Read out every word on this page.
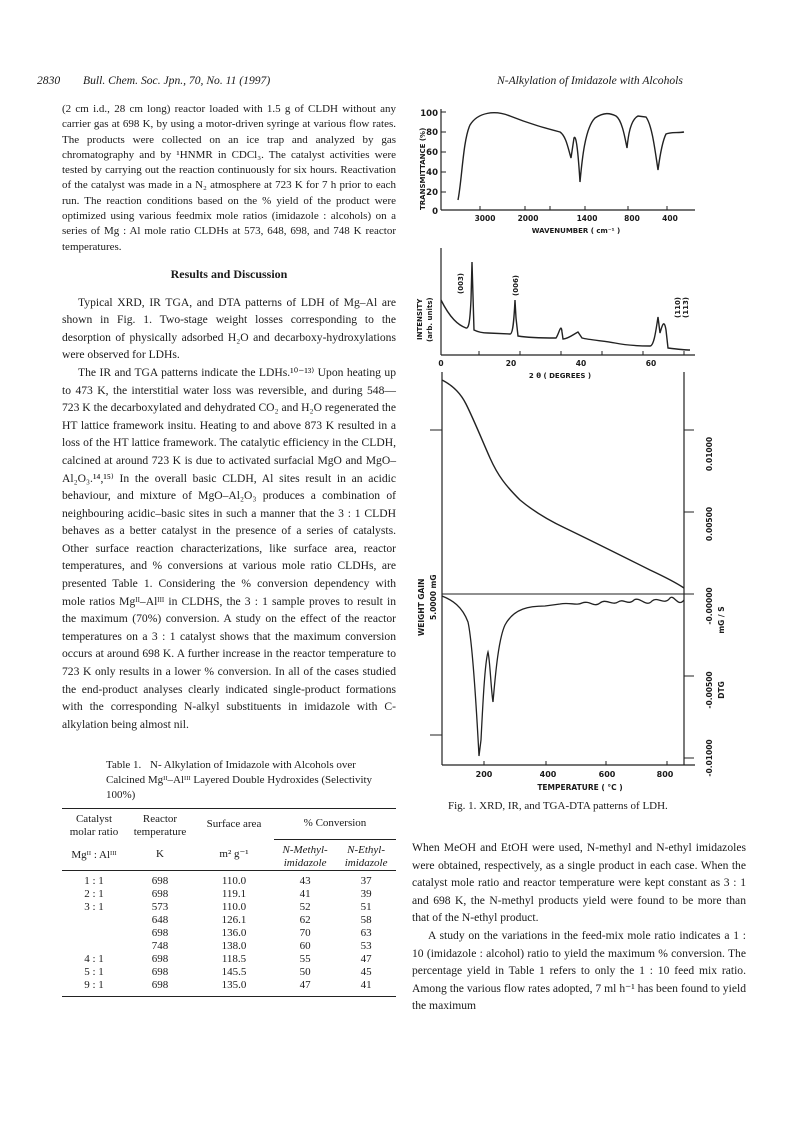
2830 Bull. Chem. Soc. Jpn., 70, No. 11 (1997)	N-Alkylation of Imidazole with Alcohols

(2 cm i.d., 28 cm long) reactor loaded with 1.5 g of CLDH without any carrier gas at 698 K, by using a motor-driven syringe at various flow rates. The products were collected on an ice trap and analyzed by gas chromatography and by ¹HNMR in CDCl₃. The catalyst activities were tested by carrying out the reaction continuously for six hours. Reactivation of the catalyst was made in a N₂ atmosphere at 723 K for 7 h prior to each run. The reaction conditions based on the % yield of the product were optimized using various feedmix mole ratios (imidazole : alcohols) on a series of Mg : Al mole ratio CLDHs at 573, 648, 698, and 748 K reactor temperatures.

Results and Discussion

Typical XRD, IR TGA, and DTA patterns of LDH of Mg–Al are shown in Fig. 1. Two-stage weight losses corresponding to the desorption of physically adsorbed H₂O and decarboxy-hydroxylations were observed for LDHs.

The IR and TGA patterns indicate the LDHs.¹⁰⁻¹³⁾ Upon heating up to 473 K, the interstitial water loss was reversible, and during 548—723 K the decarboxylated and dehydrated CO₂ and H₂O regenerated the HT lattice framework insitu. Heating to and above 873 K resulted in a loss of the HT lattice framework. The catalytic efficiency in the CLDH, calcined at around 723 K is due to activated surfacial MgO and MgO–Al₂O₃.¹⁴,¹⁵⁾ In the overall basic CLDH, Al sites result in an acidic behaviour, and mixture of MgO–Al₂O₃ produces a combination of neighbouring acidic–basic sites in such a manner that the 3 : 1 CLDH behaves as a better catalyst in the presence of a series of catalysts. Other surface reaction characterizations, like surface area, reactor temperatures, and % conversions at various mole ratio CLDHs, are presented Table 1. Considering the % conversion dependency with mole ratios Mgᴵᴵ–Alᴵᴵᴵ in CLDHS, the 3 : 1 sample proves to result in the maximum (70%) conversion. A study on the effect of the reactor temperatures on a 3 : 1 catalyst shows that the maximum conversion occurs at around 698 K. A further increase in the reactor temperature to 723 K only results in a lower % conversion. In all of the cases studied the end-product analyses clearly indicated single-product formations with the corresponding N-alkyl substituents in imidazole with C-alkylation being almost nil.

Table 1. N- Alkylation of Imidazole with Alcohols over Calcined Mgᴵᴵ–Alᴵᴵᴵ Layered Double Hydroxides (Selectivity 100%)
Catalyst molar ratio	Reactor temperature	Surface area	% Conversion	
Mgᴵᴵ : Alᴵᴵᴵ	K	m² g⁻¹	N-Methyl- imidazole	N-Ethyl- imidazole
1 : 1	698	110.0	43	37
2 : 1	698	119.1	41	39
3 : 1	573	110.0	52	51
	648	126.1	62	58
	698	136.0	70	63
	748	138.0	60	53
4 : 1	698	118.5	55	47
5 : 1	698	145.5	50	45
9 : 1	698	135.0	47	41
TRANSMITTANCE (%)
100
80
60
40
20
0
3000	2000	1400	800	400
WAVENUMBER ( cm⁻¹ )
INTENSITY (arb. units)
(003)	(006)
(110) (113)
0	20	40	60
2 θ ( DEGREES )
WEIGHT GAIN 5.0000 mG
0.01000
0.00500
-0.00000
-0.00500
-0.01000
mG / S
DTG
200	400	600	800
TEMPERATURE ( °C )
Fig. 1. XRD, IR, and TGA-DTA patterns of LDH.

When MeOH and EtOH were used, N-methyl and N-ethyl imidazoles were obtained, respectively, as a single product in each case. When the catalyst mole ratio and reactor temperature were kept constant as 3 : 1 and 698 K, the N-methyl products yield were found to be more than that of the N-ethyl product.

A study on the variations in the feed-mix mole ratio indicates a 1 : 10 (imidazole : alcohol) ratio to yield the maximum % conversion. The percentage yield in Table 1 refers to only the 1 : 10 feed mix ratio. Among the various flow rates adopted, 7 ml h⁻¹ has been found to yield the maximum
